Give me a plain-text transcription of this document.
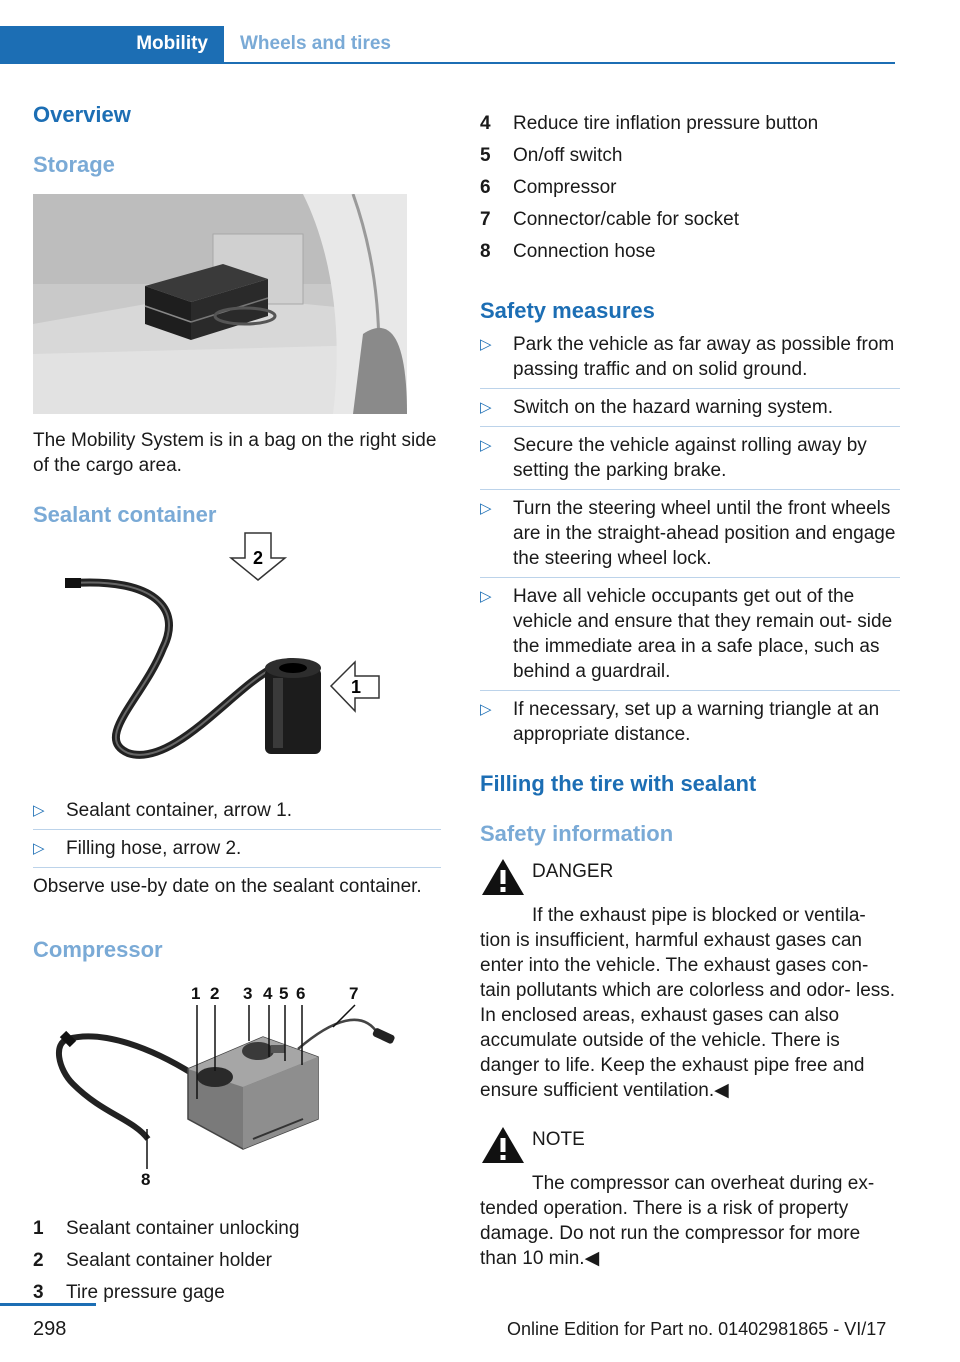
Mobility	Wheels and tires
Overview
Storage

The Mobility System is in a bag on the right side of the cargo area.

Sealant container
2
1
▷	Sealant container, arrow 1.
▷	Filling hose, arrow 2.

Observe use-by date on the sealant container.

Compressor
1 2 3 4 5 6	7
8
1	Sealant container unlocking
2	Sealant container holder
3	Tire pressure gage
4	Reduce tire inflation pressure button
5	On/off switch
6	Compressor
7	Connector/cable for socket
8	Connection hose
Safety measures
▷	Park the vehicle as far away as possible from passing traffic and on solid ground.
▷	Switch on the hazard warning system.
▷	Secure the vehicle against rolling away by setting the parking brake.
▷	Turn the steering wheel until the front wheels are in the straight-ahead position and engage the steering wheel lock.
▷	Have all vehicle occupants get out of the vehicle and ensure that they remain out- side the immediate area in a safe place, such as behind a guardrail.
▷	If necessary, set up a warning triangle at an appropriate distance.
Filling the tire with sealant
Safety information
DANGER

If the exhaust pipe is blocked or ventila- tion is insufficient, harmful exhaust gases can enter into the vehicle. The exhaust gases con- tain pollutants which are colorless and odor- less. In enclosed areas, exhaust gases can also accumulate outside of the vehicle. There is danger to life. Keep the exhaust pipe free and ensure sufficient ventilation.◀

NOTE

The compressor can overheat during ex- tended operation. There is a risk of property damage. Do not run the compressor for more than 10 min.◀

298	Online Edition for Part no. 01402981865 - VI/17
